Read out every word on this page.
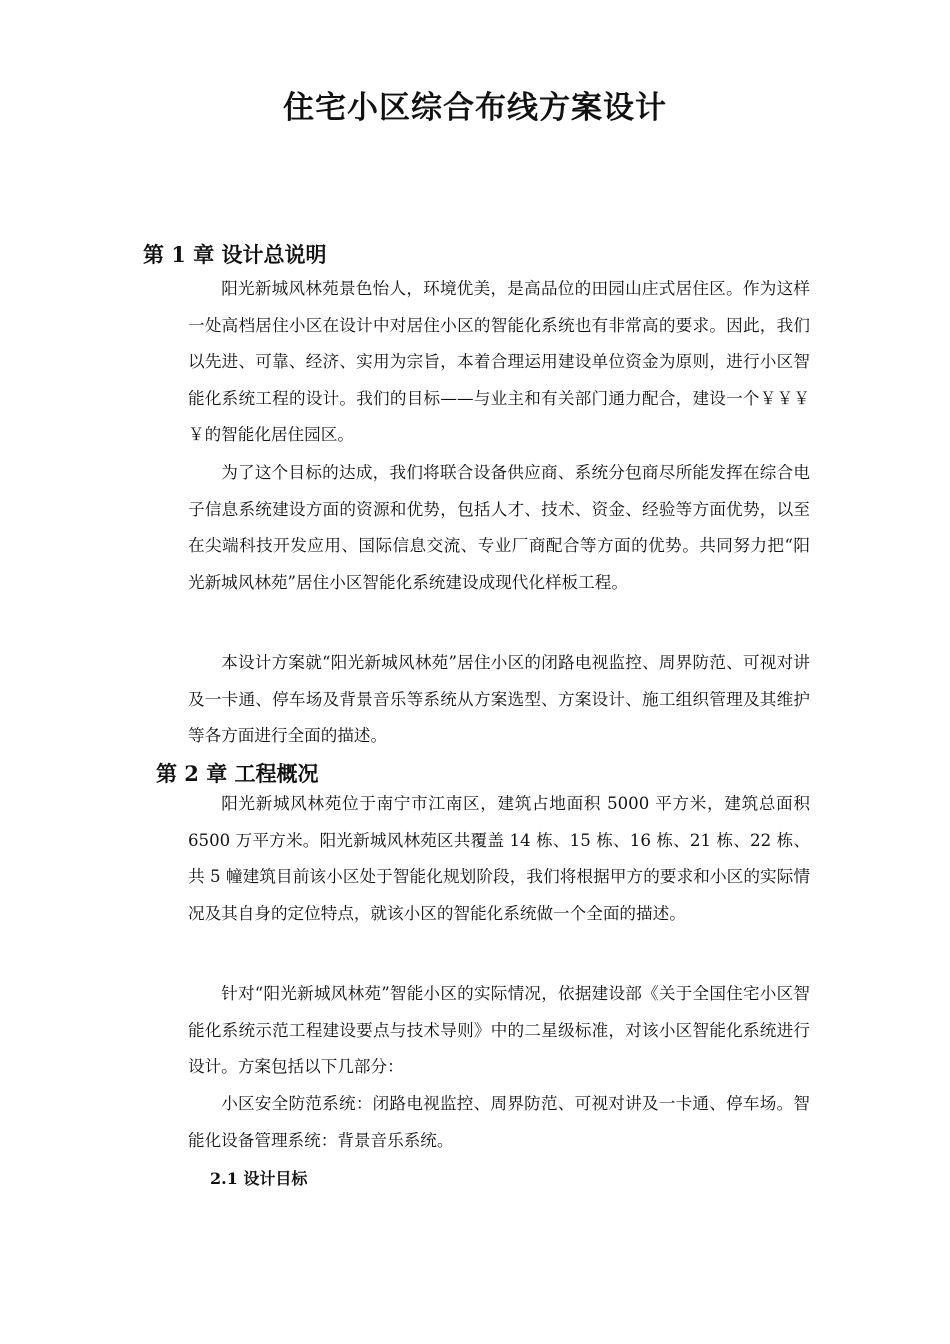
住宅小区综合布线方案设计
第 1 章 设计总说明

阳光新城风林苑景色怡人，环境优美，是高品位的田园山庄式居住区。作为这样一处高档居住小区在设计中对居住小区的智能化系统也有非常高的要求。因此，我们以先进、可靠、经济、实用为宗旨，本着合理运用建设单位资金为原则，进行小区智能化系统工程的设计。我们的目标——与业主和有关部门通力配合，建设一个￥￥￥￥的智能化居住园区。

为了这个目标的达成，我们将联合设备供应商、系统分包商尽所能发挥在综合电子信息系统建设方面的资源和优势，包括人才、技术、资金、经验等方面优势，以至在尖端科技开发应用、国际信息交流、专业厂商配合等方面的优势。共同努力把“阳光新城风林苑”居住小区智能化系统建设成现代化样板工程。

本设计方案就“阳光新城风林苑”居住小区的闭路电视监控、周界防范、可视对讲及一卡通、停车场及背景音乐等系统从方案选型、方案设计、施工组织管理及其维护等各方面进行全面的描述。

第 2 章 工程概况

阳光新城风林苑位于南宁市江南区，建筑占地面积 5000 平方米，建筑总面积 6500 万平方米。阳光新城风林苑区共覆盖 14 栋、15 栋、16 栋、21 栋、22 栋、共 5 幢建筑目前该小区处于智能化规划阶段，我们将根据甲方的要求和小区的实际情况及其自身的定位特点，就该小区的智能化系统做一个全面的描述。

针对“阳光新城风林苑”智能小区的实际情况，依据建设部《关于全国住宅小区智能化系统示范工程建设要点与技术导则》中的二星级标准，对该小区智能化系统进行设计。方案包括以下几部分：

小区安全防范系统：闭路电视监控、周界防范、可视对讲及一卡通、停车场。智能化设备管理系统：背景音乐系统。

2.1 设计目标
